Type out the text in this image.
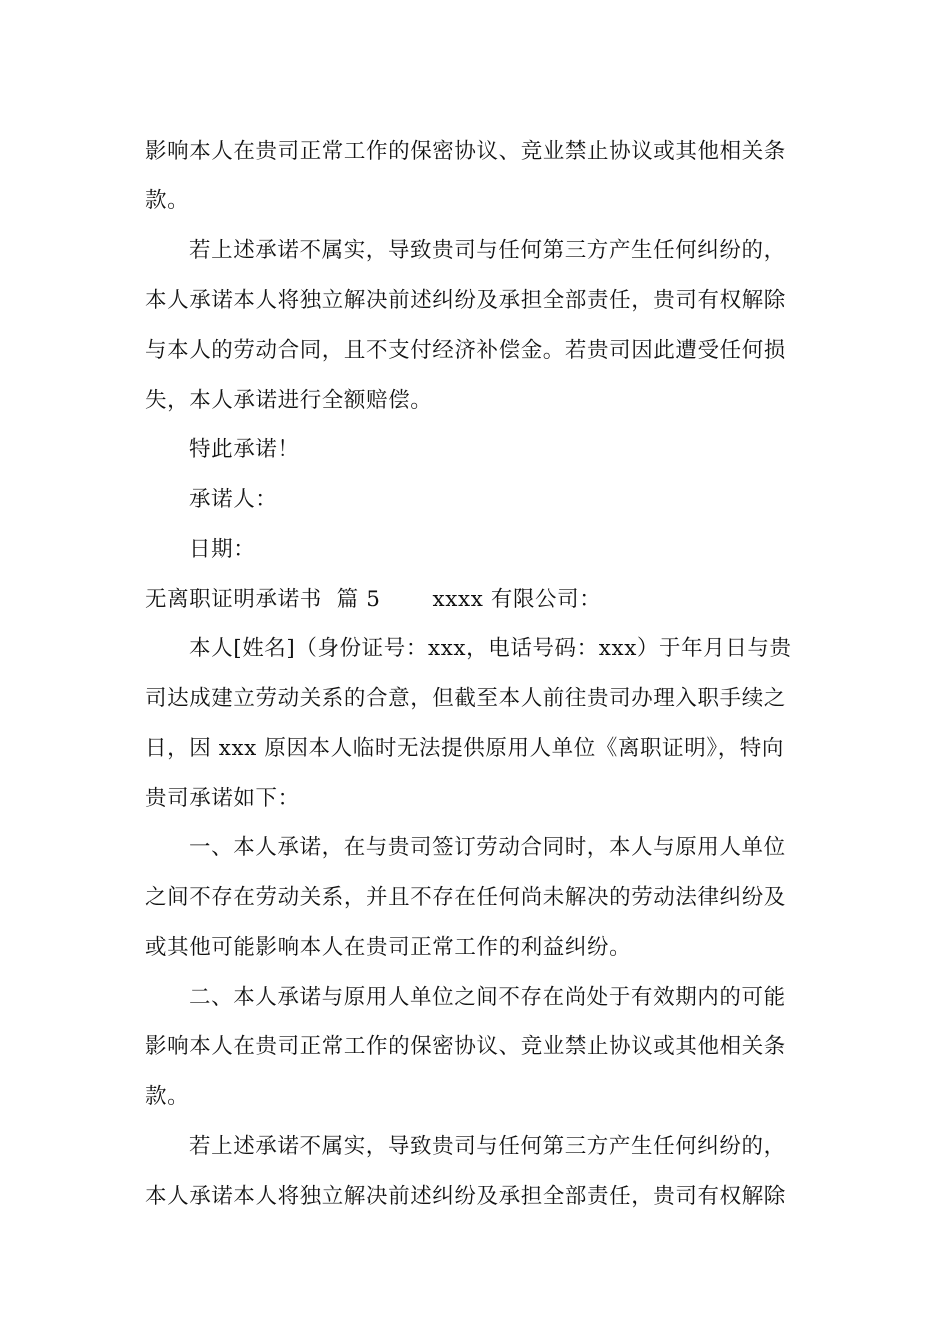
影响本人在贵司正常工作的保密协议、竞业禁止协议或其他相关条
款。
若上述承诺不属实，导致贵司与任何第三方产生任何纠纷的，
本人承诺本人将独立解决前述纠纷及承担全部责任，贵司有权解除
与本人的劳动合同，且不支付经济补偿金。若贵司因此遭受任何损
失，本人承诺进行全额赔偿。
特此承诺！
承诺人：
日期：
无离职证明承诺书  篇 5       xxxx 有限公司：
本人[姓名]（身份证号：xxx，电话号码：xxx）于年月日与贵
司达成建立劳动关系的合意，但截至本人前往贵司办理入职手续之
日，因 xxx 原因本人临时无法提供原用人单位《离职证明》，特向
贵司承诺如下：
一、本人承诺，在与贵司签订劳动合同时，本人与原用人单位
之间不存在劳动关系，并且不存在任何尚未解决的劳动法律纠纷及
或其他可能影响本人在贵司正常工作的利益纠纷。
二、本人承诺与原用人单位之间不存在尚处于有效期内的可能
影响本人在贵司正常工作的保密协议、竞业禁止协议或其他相关条
款。
若上述承诺不属实，导致贵司与任何第三方产生任何纠纷的，
本人承诺本人将独立解决前述纠纷及承担全部责任，贵司有权解除
